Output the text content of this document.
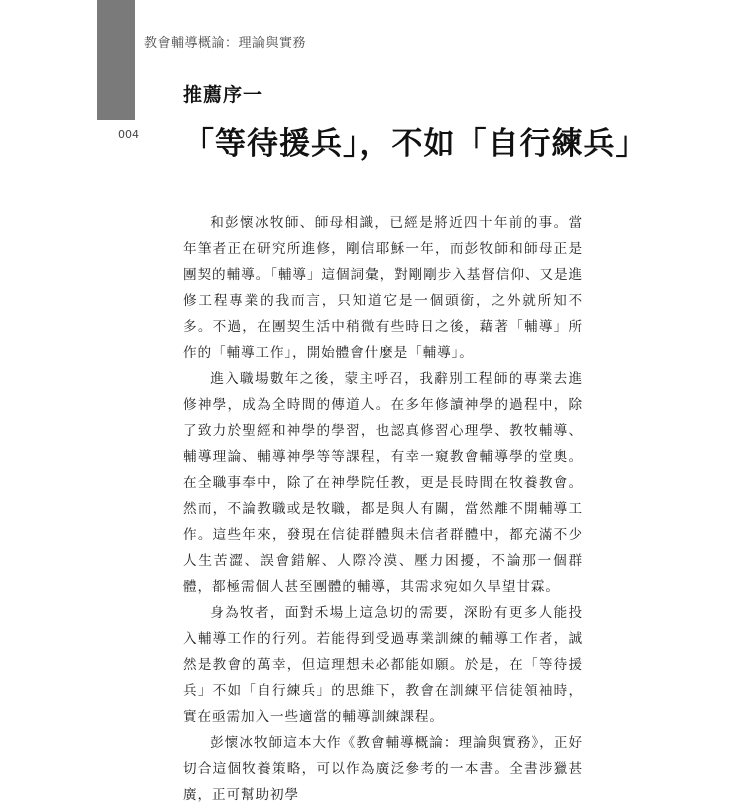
教會輔導概論：理論與實務
004
推薦序一
「等待援兵」，不如「自行練兵」

和彭懷冰牧師、師母相識，已經是將近四十年前的事。當年筆者正在研究所進修，剛信耶穌一年，而彭牧師和師母正是團契的輔導。「輔導」這個詞彙，對剛剛步入基督信仰、又是進修工程專業的我而言，只知道它是一個頭銜，之外就所知不多。不過，在團契生活中稍微有些時日之後，藉著「輔導」所作的「輔導工作」，開始體會什麼是「輔導」。

進入職場數年之後，蒙主呼召，我辭別工程師的專業去進修神學，成為全時間的傳道人。在多年修讀神學的過程中，除了致力於聖經和神學的學習，也認真修習心理學、教牧輔導、輔導理論、輔導神學等等課程，有幸一窺教會輔導學的堂奧。在全職事奉中，除了在神學院任教，更是長時間在牧養教會。然而，不論教職或是牧職，都是與人有關，當然離不開輔導工作。這些年來，發現在信徒群體與未信者群體中，都充滿不少人生苦澀、誤會錯解、人際冷漠、壓力困擾，不論那一個群體，都極需個人甚至團體的輔導，其需求宛如久旱望甘霖。

身為牧者，面對禾場上這急切的需要，深盼有更多人能投入輔導工作的行列。若能得到受過專業訓練的輔導工作者，誠然是教會的萬幸，但這理想未必都能如願。於是，在「等待援兵」不如「自行練兵」的思維下，教會在訓練平信徒領袖時，實在亟需加入一些適當的輔導訓練課程。

彭懷冰牧師這本大作《教會輔導概論：理論與實務》，正好切合這個牧養策略，可以作為廣泛參考的一本書。全書涉獵甚廣，正可幫助初學
